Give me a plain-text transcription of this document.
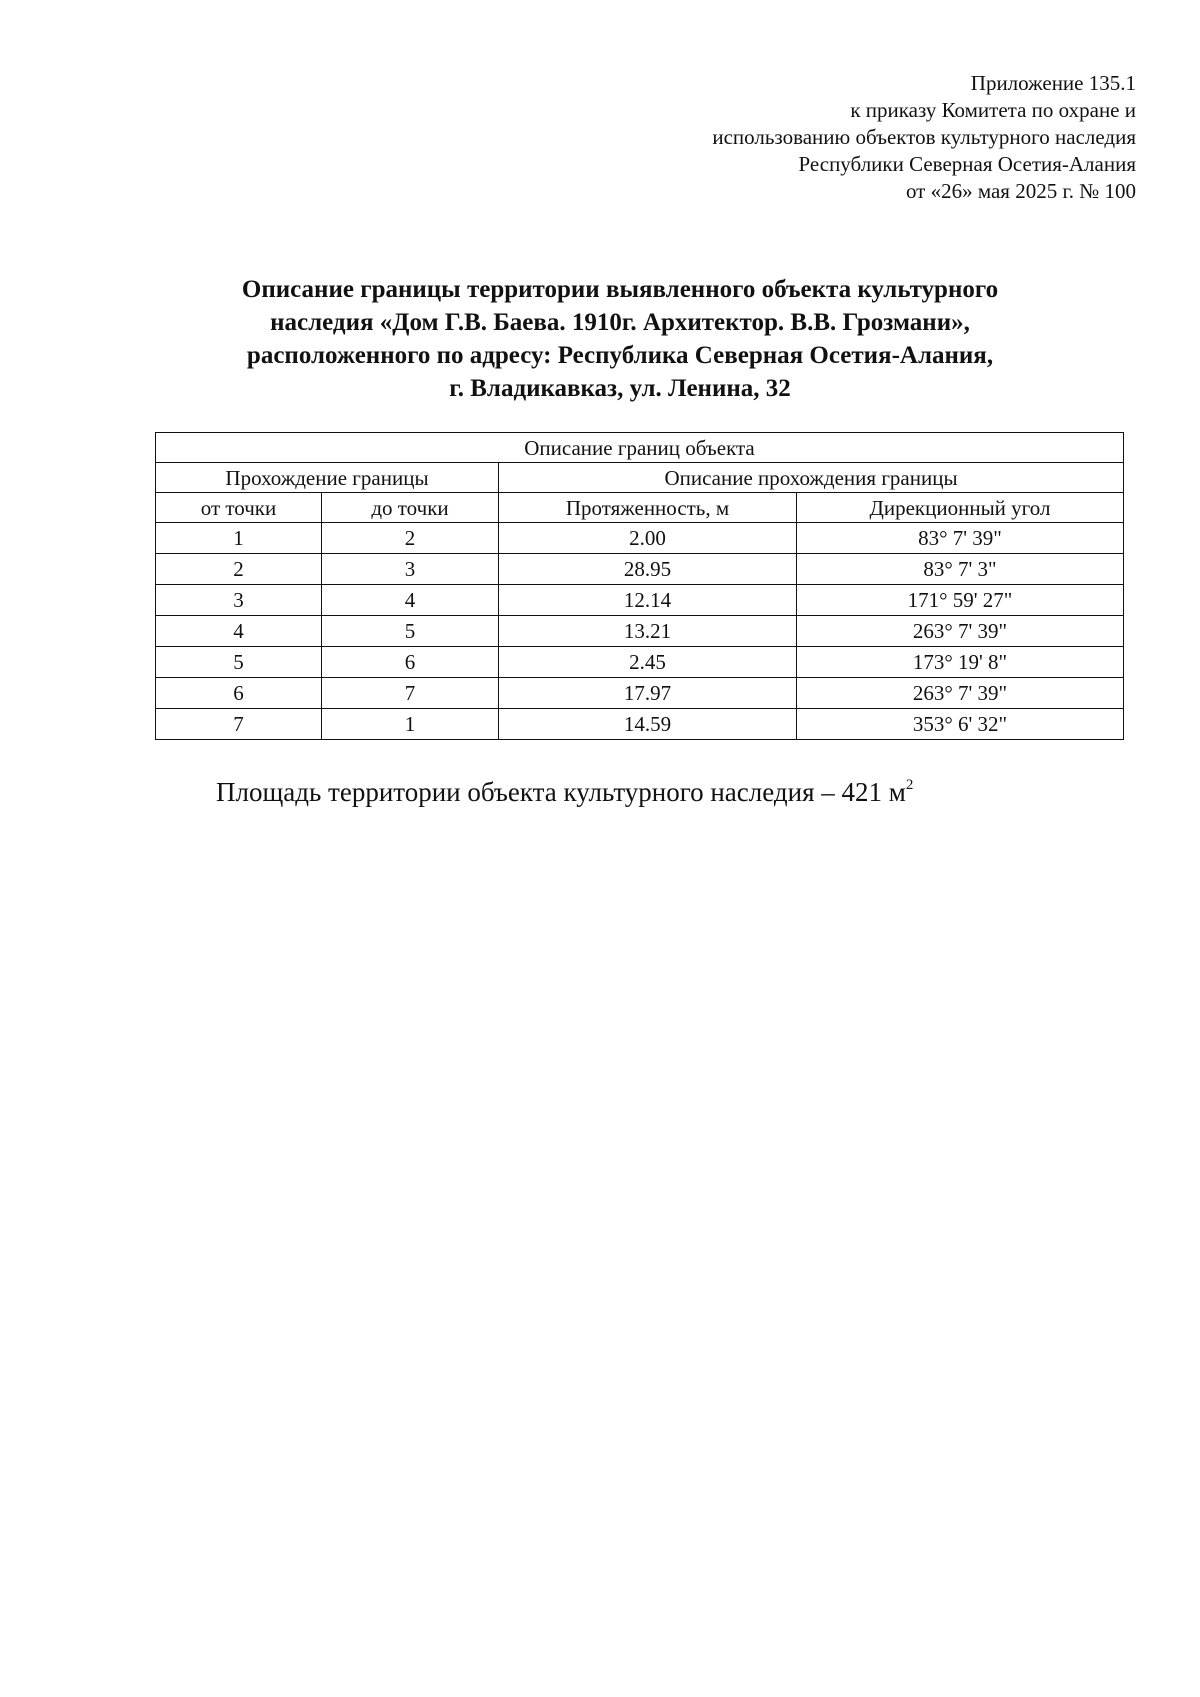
Приложение 135.1
к приказу Комитета по охране и
использованию объектов культурного наследия
Республики Северная Осетия-Алания
от «26» мая 2025 г. № 100
Описание границы территории выявленного объекта культурного
наследия «Дом Г.В. Баева. 1910г. Архитектор. В.В. Грозмани»,
расположенного по адресу: Республика Северная Осетия-Алания,
г. Владикавказ, ул. Ленина, 32
Описание границ объекта			
Прохождение границы		Описание прохождения границы	
от точки	до точки	Протяженность, м	Дирекционный угол
1	2	2.00	83° 7' 39"
2	3	28.95	83° 7' 3"
3	4	12.14	171° 59' 27"
4	5	13.21	263° 7' 39"
5	6	2.45	173° 19' 8"
6	7	17.97	263° 7' 39"
7	1	14.59	353° 6' 32"
Площадь территории объекта культурного наследия – 421 $м^2$
